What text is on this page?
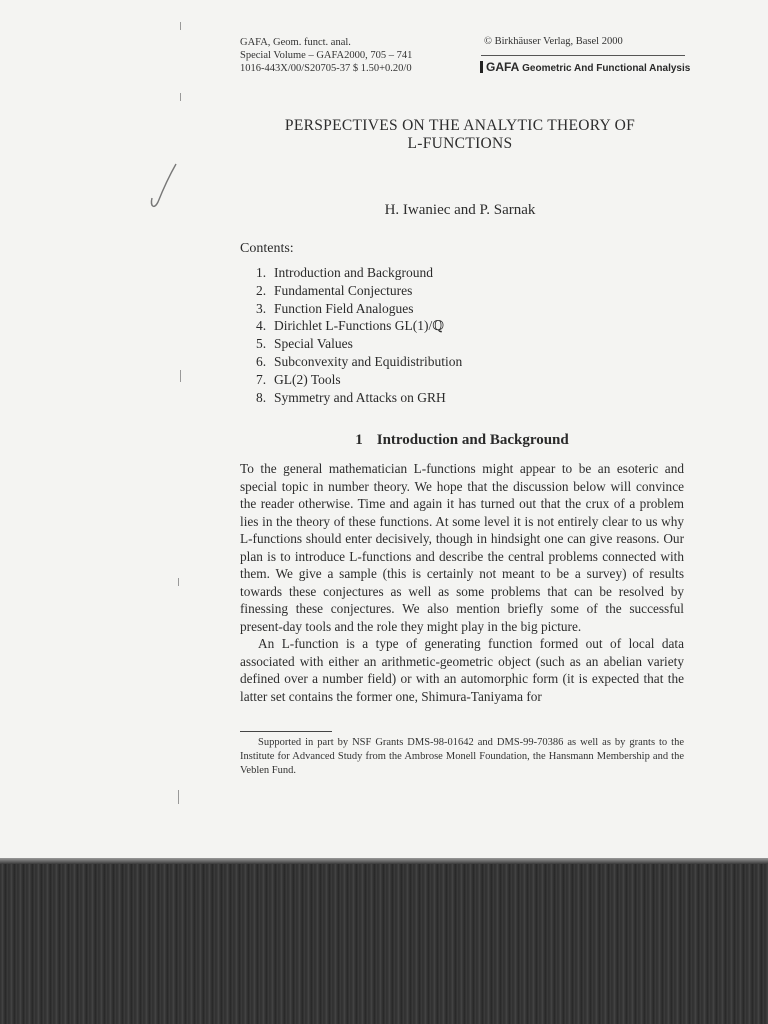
GAFA, Geom. funct. anal.
Special Volume – GAFA2000, 705 – 741
1016-443X/00/S20705-37 $ 1.50+0.20/0
© Birkhäuser Verlag, Basel 2000
GAFA Geometric And Functional Analysis
PERSPECTIVES ON THE ANALYTIC THEORY OF
L-FUNCTIONS
H. Iwaniec and P. Sarnak
Contents:
1. Introduction and Background
2. Fundamental Conjectures
3. Function Field Analogues
4. Dirichlet L-Functions GL(1)/ℚ
5. Special Values
6. Subconvexity and Equidistribution
7. GL(2) Tools
8. Symmetry and Attacks on GRH
1 Introduction and Background

To the general mathematician L-functions might appear to be an esoteric and special topic in number theory. We hope that the discussion below will convince the reader otherwise. Time and again it has turned out that the crux of a problem lies in the theory of these functions. At some level it is not entirely clear to us why L-functions should enter decisively, though in hindsight one can give reasons. Our plan is to introduce L-functions and describe the central problems connected with them. We give a sample (this is certainly not meant to be a survey) of results towards these conjectures as well as some problems that can be resolved by finessing these conjectures. We also mention briefly some of the successful present-day tools and the role they might play in the big picture.

An L-function is a type of generating function formed out of local data associated with either an arithmetic-geometric object (such as an abelian variety defined over a number field) or with an automorphic form (it is expected that the latter set contains the former one, Shimura-Taniyama for

Supported in part by NSF Grants DMS-98-01642 and DMS-99-70386 as well as by grants to the Institute for Advanced Study from the Ambrose Monell Foundation, the Hansmann Membership and the Veblen Fund.
